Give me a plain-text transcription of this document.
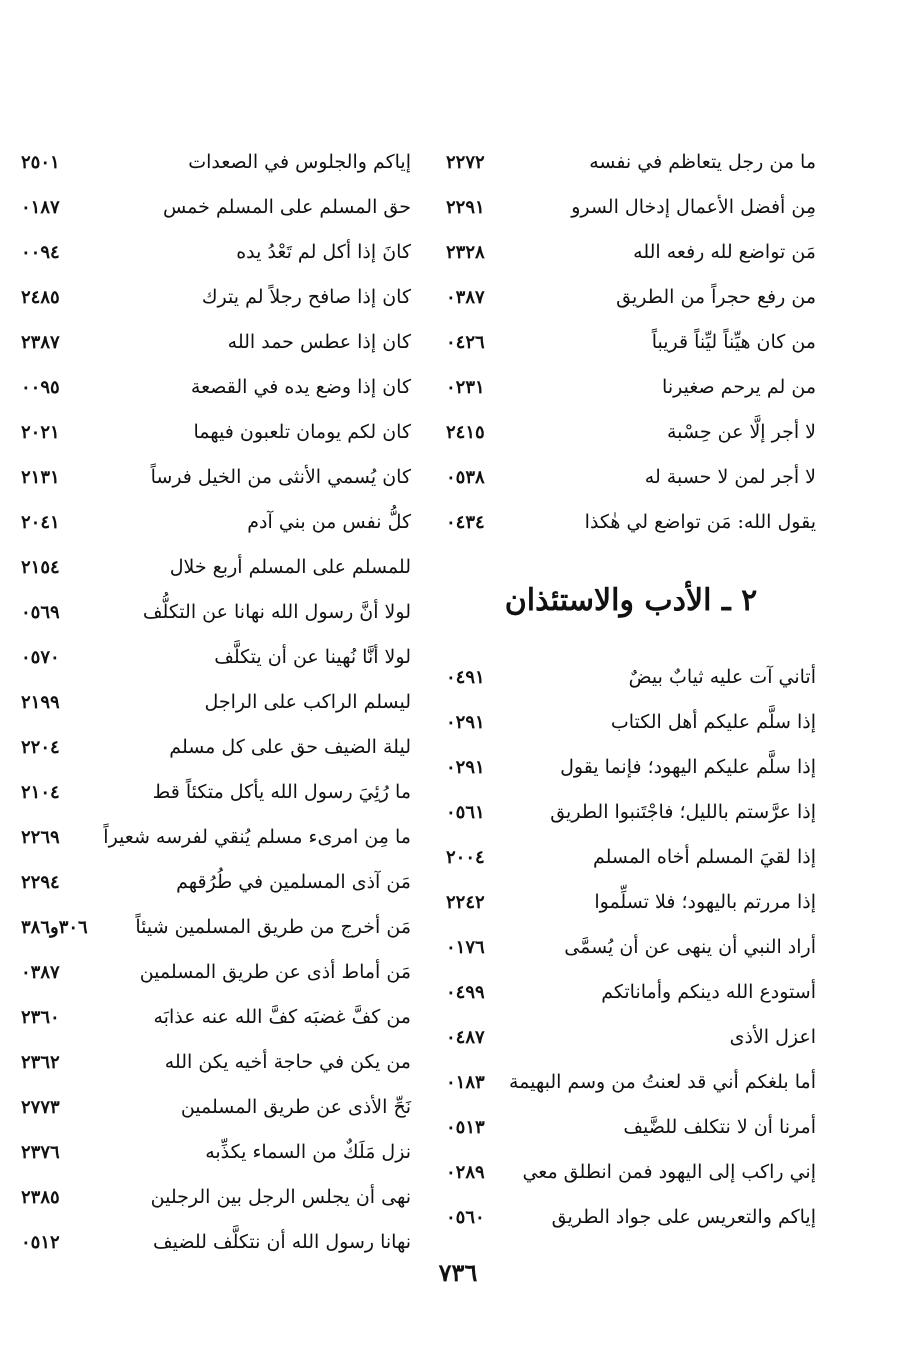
ما من رجل يتعاظم في نفسه
٢٢٧٢
مِن أفضل الأعمال إدخال السرو
٢٢٩١
مَن تواضع لله رفعه الله
٢٣٢٨
من رفع حجراً من الطريق
٠٣٨٧
من كان هيِّناً ليِّناً قريباً
٠٤٢٦
من لم يرحم صغيرنا
٠٢٣١
لا أجر إلَّا عن حِسْبة
٢٤١٥
لا أجر لمن لا حسبة له
٠٥٣٨
يقول الله: مَن تواضع لي هٰكذا
٠٤٣٤
٢ ـ الأدب والاستئذان
أتاني آت عليه ثيابٌ بيضٌ
٠٤٩١
إذا سلَّم عليكم أهل الكتاب
٠٢٩١
إذا سلَّم عليكم اليهود؛ فإنما يقول
٠٢٩١
إذا عرَّستم بالليل؛ فاجْتَنبوا الطريق
٠٥٦١
إذا لقيَ المسلم أخاه المسلم
٢٠٠٤
إذا مررتم باليهود؛ فلا تسلِّموا
٢٢٤٢
أراد النبي أن ينهى عن أن يُسمَّى
٠١٧٦
أستودع الله دينكم وأماناتكم
٠٤٩٩
اعزل الأذى
٠٤٨٧
أما بلغكم أني قد لعنتُ من وسم البهيمة
٠١٨٣
أمرنا أن لا نتكلف للضَّيف
٠٥١٣
إني راكب إلى اليهود فمن انطلق معي
٠٢٨٩
إياكم والتعريس على جواد الطريق
٠٥٦٠
إياكم والجلوس في الصعدات
٢٥٠١
حق المسلم على المسلم خمس
٠١٨٧
كانَ إذا أكل لم تَعْدُ يده
٠٠٩٤
كان إذا صافح رجلاً لم يترك
٢٤٨٥
كان إذا عطس حمد الله
٢٣٨٧
كان إذا وضع يده في القصعة
٠٠٩٥
كان لكم يومان تلعبون فيهما
٢٠٢١
كان يُسمي الأنثى من الخيل فرساً
٢١٣١
كلُّ نفس من بني آدم
٢٠٤١
للمسلم على المسلم أربع خلال
٢١٥٤
لولا أنَّ رسول الله نهانا عن التكلُّف
٠٥٦٩
لولا أنَّا نُهينا عن أن يتكلَّف
٠٥٧٠
ليسلم الراكب على الراجل
٢١٩٩
ليلة الضيف حق على كل مسلم
٢٢٠٤
ما رُئِيَ رسول الله يأكل متكئاً قط
٢١٠٤
ما مِن امرىء مسلم يُنقي لفرسه شعيراً
٢٢٦٩
مَن آذى المسلمين في طُرُقهم
٢٢٩٤
مَن أخرج من طريق المسلمين شيئاً
٣٠٦و٣٨٦
مَن أماط أذى عن طريق المسلمين
٠٣٨٧
من كفَّ غضبَه كفَّ الله عنه عذابَه
٢٣٦٠
من يكن في حاجة أخيه يكن الله
٢٣٦٢
نَحِّ الأذى عن طريق المسلمين
٢٧٧٣
نزل مَلَكٌ من السماء يكذِّبه
٢٣٧٦
نهى أن يجلس الرجل بين الرجلين
٢٣٨٥
نهانا رسول الله أن نتكلَّف للضيف
٠٥١٢
٧٣٦
